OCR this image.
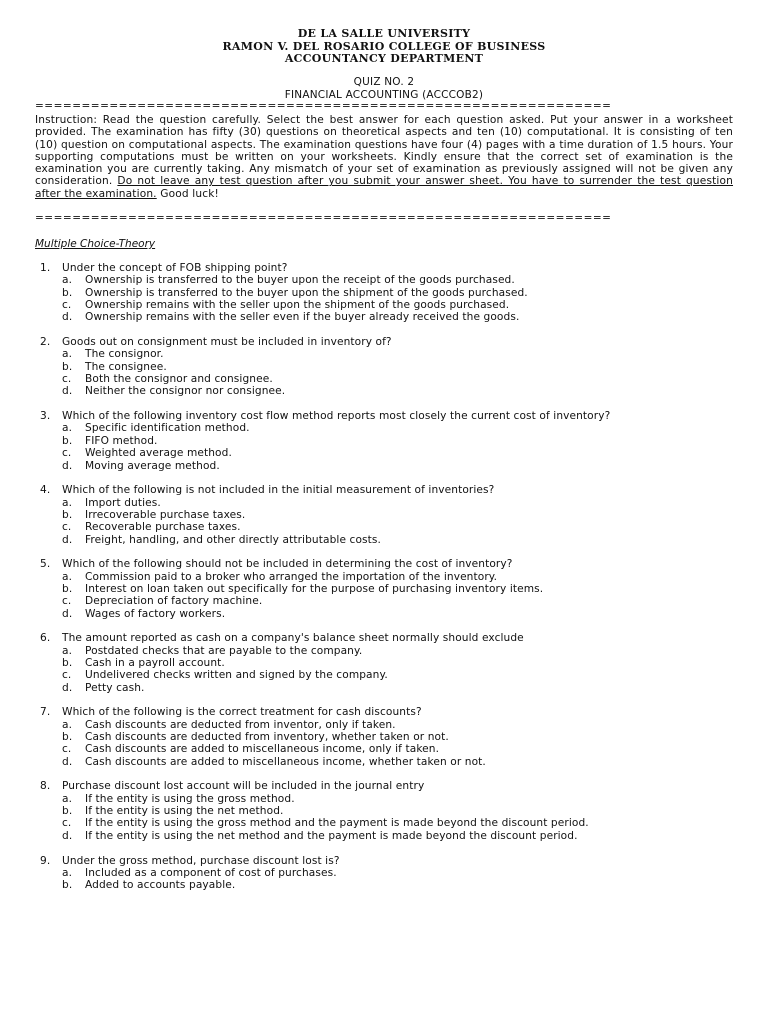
DE LA SALLE UNIVERSITY
RAMON V. DEL ROSARIO COLLEGE OF BUSINESS
ACCOUNTANCY DEPARTMENT
QUIZ NO. 2
FINANCIAL ACCOUNTING (ACCCOB2)
==============================================================
Instruction: Read the question carefully. Select the best answer for each question asked. Put your answer in a worksheet provided. The examination has fifty (30) questions on theoretical aspects and ten (10) computational. It is consisting of ten (10) question on computational aspects. The examination questions have four (4) pages with a time duration of 1.5 hours. Your supporting computations must be written on your worksheets. Kindly ensure that the correct set of examination is the examination you are currently taking. Any mismatch of your set of examination as previously assigned will not be given any consideration. Do not leave any test question after you submit your answer sheet. You have to surrender the test question after the examination. Good luck!
==============================================================
Multiple Choice-Theory
1. Under the concept of FOB shipping point?
a. Ownership is transferred to the buyer upon the receipt of the goods purchased.
b. Ownership is transferred to the buyer upon the shipment of the goods purchased.
c. Ownership remains with the seller upon the shipment of the goods purchased.
d. Ownership remains with the seller even if the buyer already received the goods.
2. Goods out on consignment must be included in inventory of?
a. The consignor.
b. The consignee.
c. Both the consignor and consignee.
d. Neither the consignor nor consignee.
3. Which of the following inventory cost flow method reports most closely the current cost of inventory?
a. Specific identification method.
b. FIFO method.
c. Weighted average method.
d. Moving average method.
4. Which of the following is not included in the initial measurement of inventories?
a. Import duties.
b. Irrecoverable purchase taxes.
c. Recoverable purchase taxes.
d. Freight, handling, and other directly attributable costs.
5. Which of the following should not be included in determining the cost of inventory?
a. Commission paid to a broker who arranged the importation of the inventory.
b. Interest on loan taken out specifically for the purpose of purchasing inventory items.
c. Depreciation of factory machine.
d. Wages of factory workers.
6. The amount reported as cash on a company's balance sheet normally should exclude
a. Postdated checks that are payable to the company.
b. Cash in a payroll account.
c. Undelivered checks written and signed by the company.
d. Petty cash.
7. Which of the following is the correct treatment for cash discounts?
a. Cash discounts are deducted from inventor, only if taken.
b. Cash discounts are deducted from inventory, whether taken or not.
c. Cash discounts are added to miscellaneous income, only if taken.
d. Cash discounts are added to miscellaneous income, whether taken or not.
8. Purchase discount lost account will be included in the journal entry
a. If the entity is using the gross method.
b. If the entity is using the net method.
c. If the entity is using the gross method and the payment is made beyond the discount period.
d. If the entity is using the net method and the payment is made beyond the discount period.
9. Under the gross method, purchase discount lost is?
a. Included as a component of cost of purchases.
b. Added to accounts payable.
